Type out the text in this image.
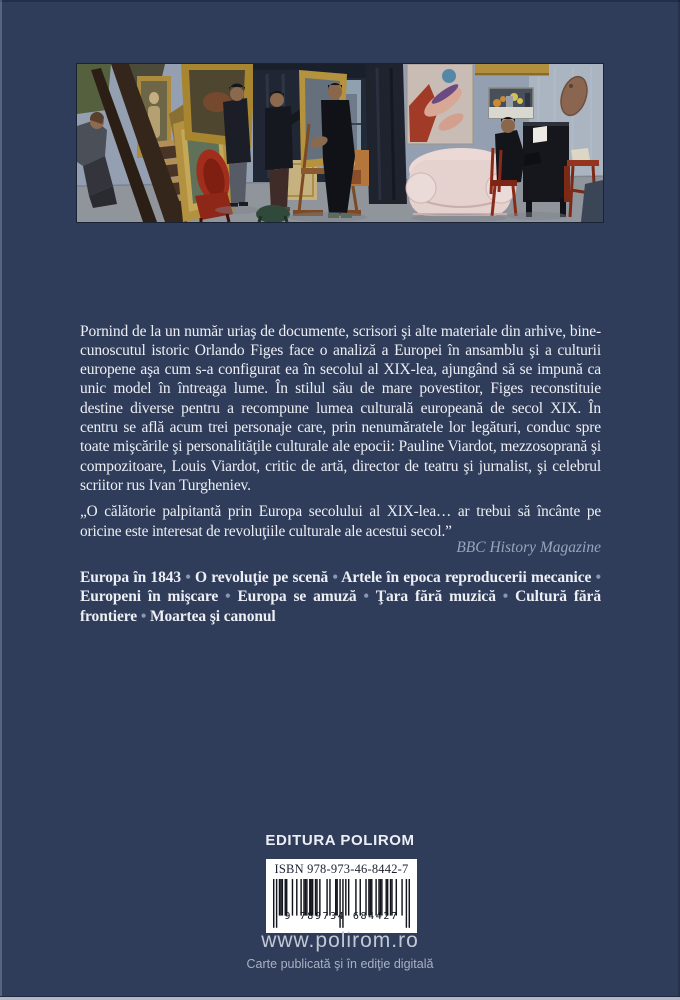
Pornind de la un număr uriaş de documente, scrisori şi alte materiale din arhive, bine-cunoscutul istoric Orlando Figes face o analiză a Europei în ansamblu şi a culturii europene aşa cum s-a configurat ea în secolul al XIX-lea, ajungând să se impună ca unic model în întreaga lume. În stilul său de mare povestitor, Figes reconstituie destine diverse pentru a recompune lumea culturală europeană de secol XIX. În centru se află acum trei personaje care, prin nenumăratele lor legături, conduc spre toate mişcările şi personalităţile culturale ale epocii: Pauline Viardot, mezzosoprană şi compozitoare, Louis Viardot, critic de artă, director de teatru şi jurnalist, şi celebrul scriitor rus Ivan Turgheniev.

„O călătorie palpitantă prin Europa secolului al XIX-lea… ar trebui să încânte pe oricine este interesat de revoluţiile culturale ale acestui secol.”

BBC History Magazine

Europa în 1843 • O revoluţie pe scenă • Artele în epoca reproducerii mecanice • Europeni în mişcare • Europa se amuză • Ţara fără muzică • Cultură fără frontiere • Moartea şi canonul

EDITURA POLIROM
ISBN 978-973-46-8442-7
9 789734 684427
www.polirom.ro
Carte publicată şi în ediţie digitală
